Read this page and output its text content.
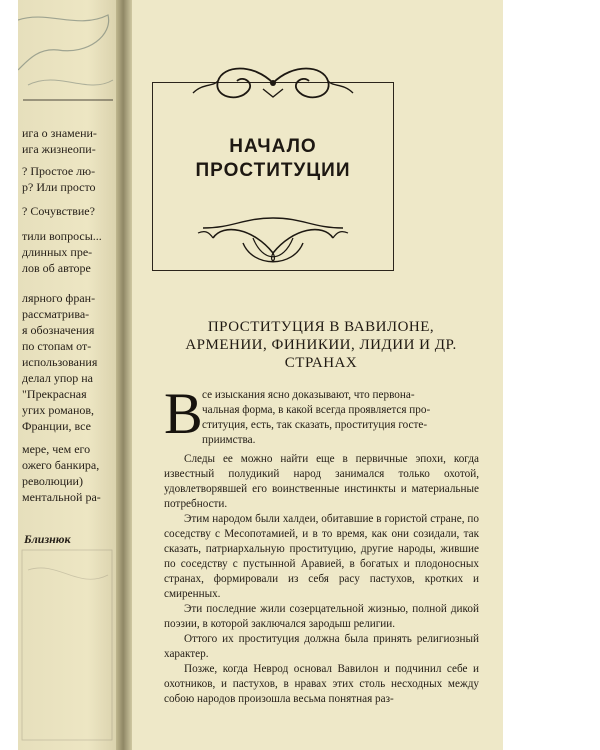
ига о знамени-
ига жизнеопи-
? Простое лю-
р? Или просто
? Сочувствие?
тили вопросы...
длинных пре-
лов об авторе
лярного фран-
рассматрива-
я обозначения
по стопам от-
использования
делал упор на
"Прекрасная
угих романов,
Франции, все
мере, чем его
ожего банкира,
революции)
ментальной ра-
Близнюк
НАЧАЛО
ПРОСТИТУЦИИ
ПРОСТИТУЦИЯ В ВАВИЛОНЕ,
АРМЕНИИ, ФИНИКИИ, ЛИДИИ И ДР.
СТРАНАХ
В се изыскания ясно доказывают, что первона-

чальная форма, в какой всегда проявляется про-

ституция, есть, так сказать, проституция госте-

приимства.

Следы ее можно найти еще в первичные эпохи, когда известный полудикий народ занимался только охотой, удовлетворявшей его воинственные инстинкты и материальные потребности.

Этим народом были халдеи, обитавшие в гористой стране, по соседству с Месопотамией, и в то время, как они созидали, так сказать, патриархальную проституцию, другие народы, жившие по соседству с пустынной Аравией, в богатых и плодоносных странах, формировали из себя расу пастухов, кротких и смиренных.

Эти последние жили созерцательной жизнью, полной дикой поэзии, в которой заключался зародыш религии.

Оттого их проституция должна была принять религиозный характер.

Позже, когда Неврод основал Вавилон и подчинил себе и охотников, и пастухов, в нравах этих столь несходных между собою народов произошла весьма понятная раз-
